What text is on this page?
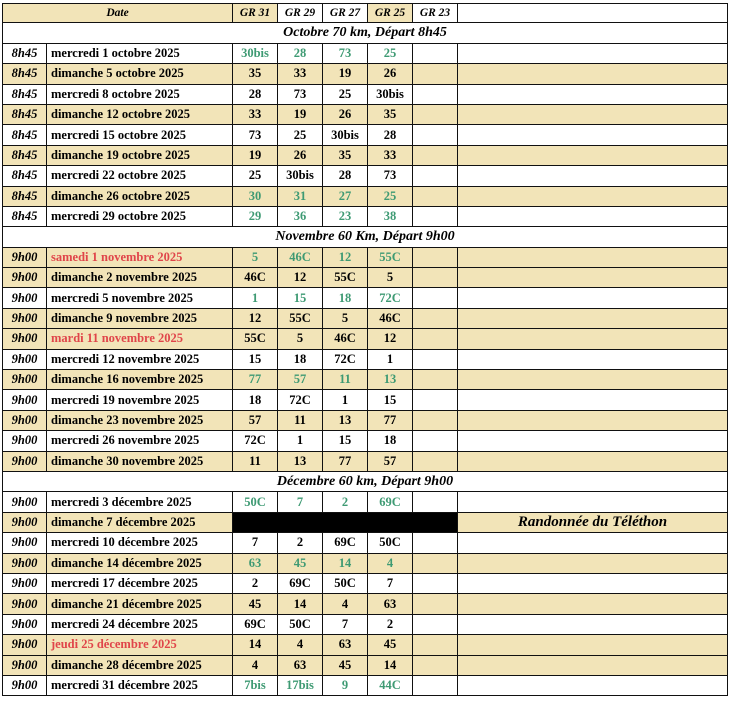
Date	GR 31	GR 29	GR 27	GR 25	GR 23
Octobre 70 km, Départ 8h45
8h45	mercredi 1 octobre 2025	30bis	28	73	25
8h45	dimanche 5 octobre 2025	35	33	19	26
8h45	mercredi 8 octobre 2025	28	73	25	30bis
8h45	dimanche 12 octobre 2025	33	19	26	35
8h45	mercredi 15 octobre 2025	73	25	30bis	28
8h45	dimanche 19 octobre 2025	19	26	35	33
8h45	mercredi 22 octobre 2025	25	30bis	28	73
8h45	dimanche 26 octobre 2025	30	31	27	25
8h45	mercredi 29 octobre 2025	29	36	23	38
Novembre 60 Km, Départ 9h00
9h00	samedi 1 novembre 2025	5	46C	12	55C
9h00	dimanche 2 novembre 2025	46C	12	55C	5
9h00	mercredi 5 novembre 2025	1	15	18	72C
9h00	dimanche 9 novembre 2025	12	55C	5	46C
9h00	mardi 11 novembre 2025	55C	5	46C	12
9h00	mercredi 12 novembre 2025	15	18	72C	1
9h00	dimanche 16 novembre 2025	77	57	11	13
9h00	mercredi 19 novembre 2025	18	72C	1	15
9h00	dimanche 23 novembre 2025	57	11	13	77
9h00	mercredi 26 novembre 2025	72C	1	15	18
9h00	dimanche 30 novembre 2025	11	13	77	57
Décembre 60 km, Départ 9h00
9h00	mercredi 3 décembre 2025	50C	7	2	69C
9h00	dimanche 7 décembre 2025	Randonnée du Téléthon
9h00	mercredi 10 décembre 2025	7	2	69C	50C
9h00	dimanche 14 décembre 2025	63	45	14	4
9h00	mercredi 17 décembre 2025	2	69C	50C	7
9h00	dimanche 21 décembre 2025	45	14	4	63
9h00	mercredi 24 décembre 2025	69C	50C	7	2
9h00	jeudi 25 décembre 2025	14	4	63	45
9h00	dimanche 28 décembre 2025	4	63	45	14
9h00	mercredi 31 décembre 2025	7bis	17bis	9	44C
